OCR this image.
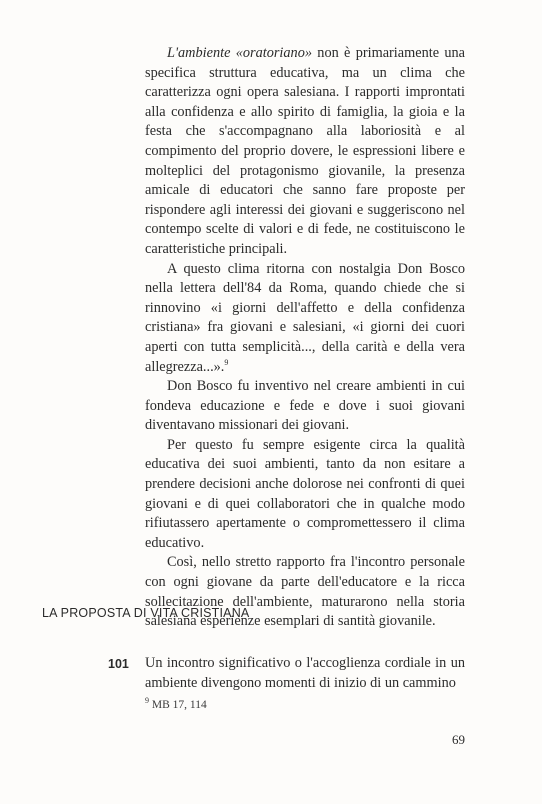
L'ambiente «oratoriano» non è primariamente una specifica struttura educativa, ma un clima che caratterizza ogni opera salesiana. I rapporti improntati alla confidenza e allo spirito di famiglia, la gioia e la festa che s'accompagnano alla laboriosità e al compimento del proprio dovere, le espressioni libere e molteplici del protagonismo giovanile, la presenza amicale di educatori che sanno fare proposte per rispondere agli interessi dei giovani e suggeriscono nel contempo scelte di valori e di fede, ne costituiscono le caratteristiche principali.

A questo clima ritorna con nostalgia Don Bosco nella lettera dell'84 da Roma, quando chiede che si rinnovino «i giorni dell'affetto e della confidenza cristiana» fra giovani e salesiani, «i giorni dei cuori aperti con tutta semplicità..., della carità e della vera allegrezza...».$^9$

Don Bosco fu inventivo nel creare ambienti in cui fondeva educazione e fede e dove i suoi giovani diventavano missionari dei giovani.

Per questo fu sempre esigente circa la qualità educativa dei suoi ambienti, tanto da non esitare a prendere decisioni anche dolorose nei confronti di quei giovani e di quei collaboratori che in qualche modo rifiutassero apertamente o compromettessero il clima educativo.

Così, nello stretto rapporto fra l'incontro personale con ogni giovane da parte dell'educatore e la ricca sollecitazione dell'ambiente, maturarono nella storia salesiana esperienze esemplari di santità giovanile.

LA PROPOSTA DI VITA CRISTIANA
101 Un incontro significativo o l'accoglienza cordiale in un ambiente divengono momenti di inizio di un cammino

$^9$ MB 17, 114
69
